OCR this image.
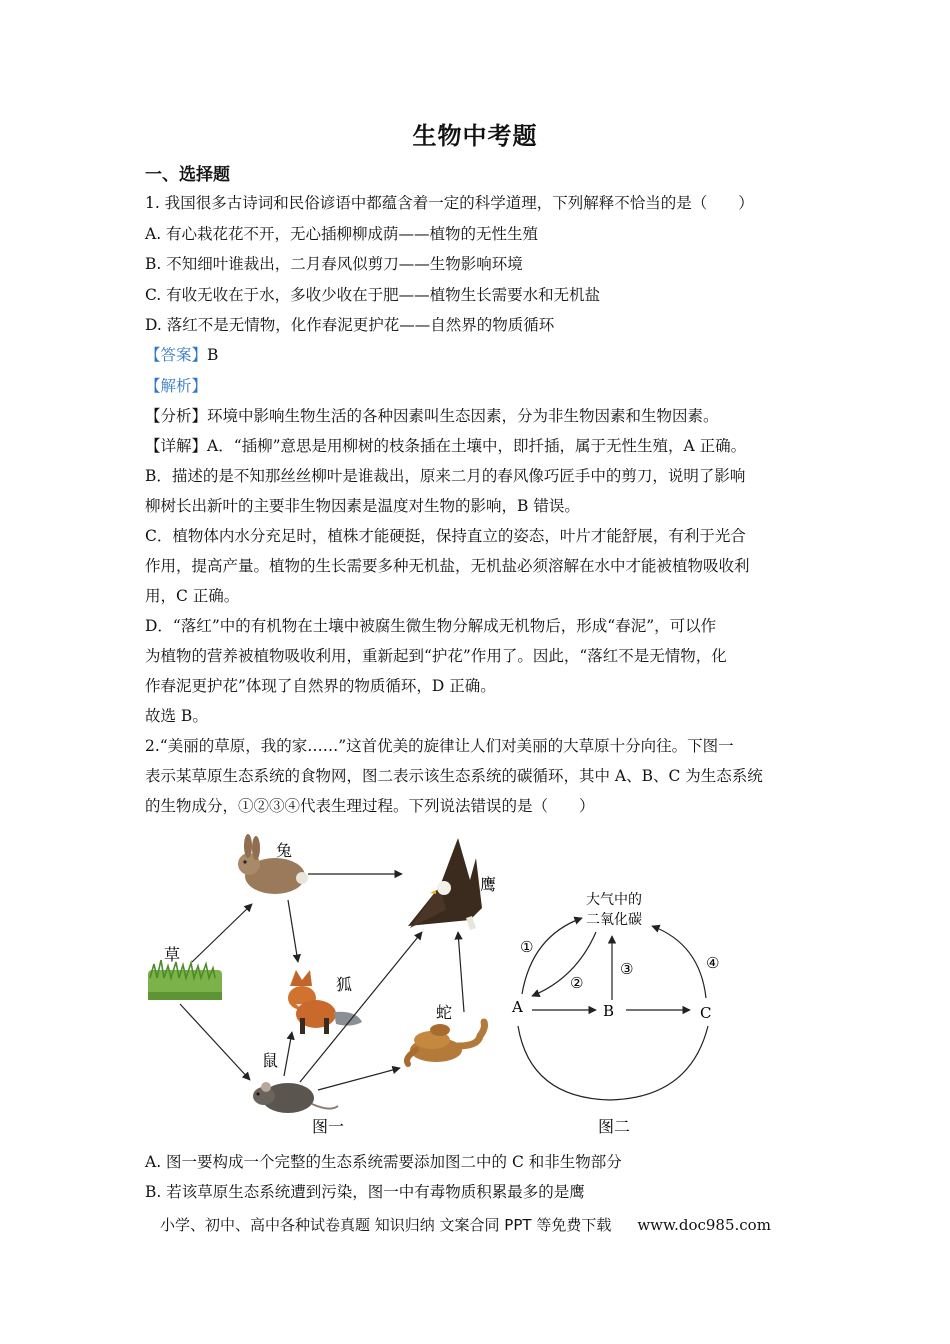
生物中考题
一、选择题
1. 我国很多古诗词和民俗谚语中都蕴含着一定的科学道理，下列解释不恰当的是（　　）
A. 有心栽花花不开，无心插柳柳成荫——植物的无性生殖
B. 不知细叶谁裁出，二月春风似剪刀——生物影响环境
C. 有收无收在于水，多收少收在于肥——植物生长需要水和无机盐
D. 落红不是无情物，化作春泥更护花——自然界的物质循环
【答案】B
【解析】
【分析】环境中影响生物生活的各种因素叫生态因素，分为非生物因素和生物因素。
【详解】A．“插柳”意思是用柳树的枝条插在土壤中，即扦插，属于无性生殖，A 正确。
B．描述的是不知那丝丝柳叶是谁裁出，原来二月的春风像巧匠手中的剪刀，说明了影响
柳树长出新叶的主要非生物因素是温度对生物的影响，B 错误。
C．植物体内水分充足时，植株才能硬挺，保持直立的姿态，叶片才能舒展，有利于光合
作用，提高产量。植物的生长需要多种无机盐，无机盐必须溶解在水中才能被植物吸收利
用，C 正确。
D．“落红”中的有机物在土壤中被腐生微生物分解成无机物后，形成“春泥”，可以作
为植物的营养被植物吸收利用，重新起到“护花”作用了。因此，“落红不是无情物，化
作春泥更护花”体现了自然界的物质循环，D 正确。
故选 B。
2.“美丽的草原，我的家……”这首优美的旋律让人们对美丽的大草原十分向往。下图一
表示某草原生态系统的食物网，图二表示该生态系统的碳循环，其中 A、B、C 为生态系统
的生物成分，①②③④代表生理过程。下列说法错误的是（　　）
草
兔
鹰
狐
蛇
鼠
图一
大气中的
二氧化碳
A	B	C
①
②
③	④
图二
A. 图一要构成一个完整的生态系统需要添加图二中的 C 和非生物部分
B. 若该草原生态系统遭到污染，图一中有毒物质积累最多的是鹰
小学、初中、高中各种试卷真题 知识归纳 文案合同 PPT 等免费下载 www.doc985.com
